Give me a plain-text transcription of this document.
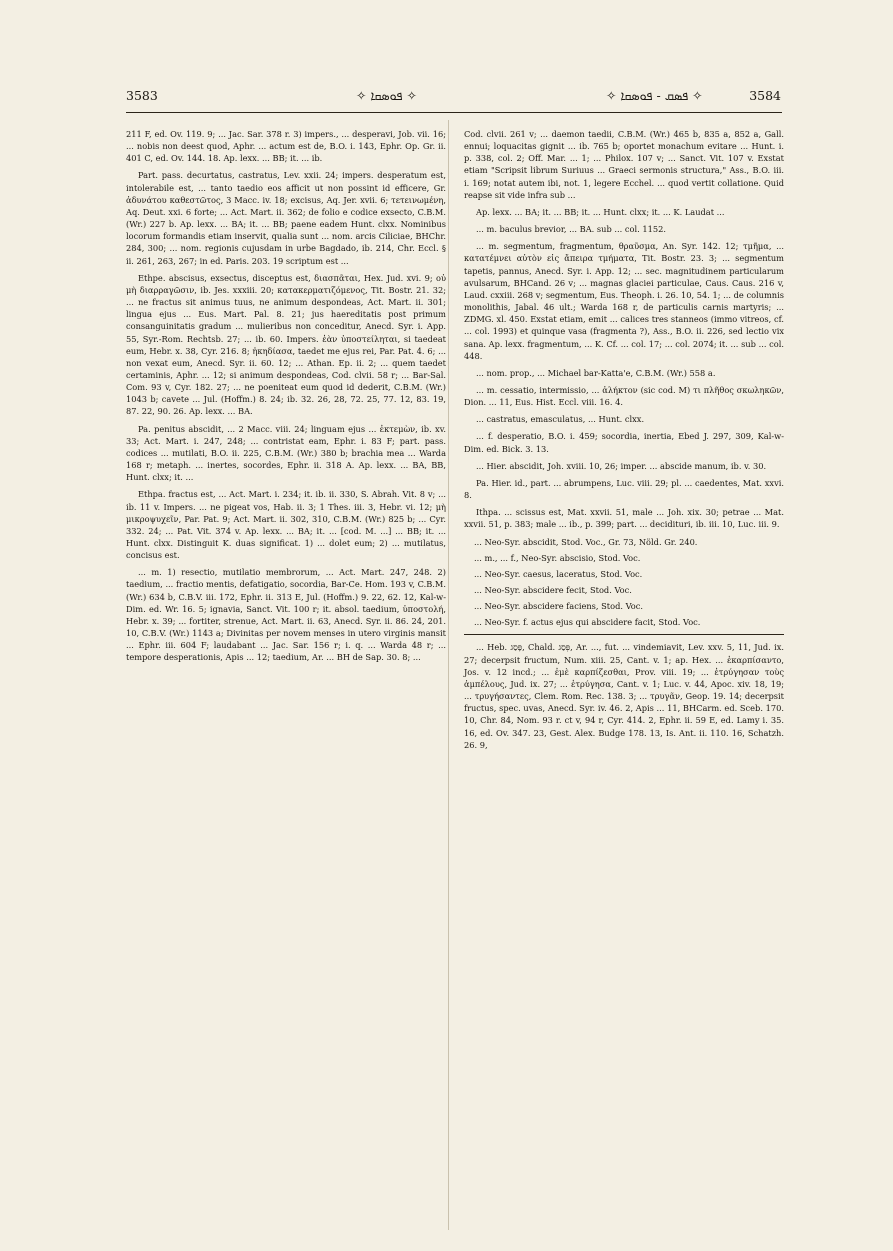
3583	✧ ܦܘܣܩܐ ✧	✧ ܦܣܩ - ܦܘܣܩܐ ✧	3584

211 F, ed. Ov. 119. 9; ... Jac. Sar. 378 r. 3) impers., ... desperavi, Job. vii. 16; ... nobis non deest quod, Aphr. ... actum est de, B.O. i. 143, Ephr. Op. Gr. ii. 401 C, ed. Ov. 144. 18. Ap. lexx. ... BB; it. ... ib.

Part. pass. decurtatus, castratus, Lev. xxii. 24; impers. desperatum est, intolerabile est, ... tanto taedio eos afficit ut non possint id efficere, Gr. ἀδυνάτου καθεστῶτος, 3 Macc. iv. 18; excisus, Aq. Jer. xvii. 6; τετεινωμένη, Aq. Deut. xxi. 6 forte; ... Act. Mart. ii. 362; de folio e codice exsecto, C.B.M. (Wr.) 227 b. Ap. lexx. ... BA; it. ... BB; paene eadem Hunt. clxx. Nominibus locorum formandis etiam inservit, qualia sunt ... nom. arcis Ciliciae, BHChr. 284, 300; ... nom. regionis cujusdam in urbe Bagdado, ib. 214, Chr. Eccl. § ii. 261, 263, 267; in ed. Paris. 203. 19 scriptum est ...

Ethpe. abscisus, exsectus, disceptus est, διασπᾶται, Hex. Jud. xvi. 9; οὐ μὴ διαρραγῶσιν, ib. Jes. xxxiii. 20; κατακερματιζόμενος, Tit. Bostr. 21. 32; ... ne fractus sit animus tuus, ne animum despondeas, Act. Mart. ii. 301; lingua ejus ... Eus. Mart. Pal. 8. 21; jus haereditatis post primum consanguinitatis gradum ... mulieribus non conceditur, Anecd. Syr. i. App. 55, Syr.-Rom. Rechtsb. 27; ... ib. 60. Impers. ἐὰν ὑποστείληται, si taedeat eum, Hebr. x. 38, Cyr. 216. 8; ἠκηδίασα, taedet me ejus rei, Par. Pat. 4. 6; ... non vexat eum, Anecd. Syr. ii. 60. 12; ... Athan. Ep. ii. 2; ... quem taedet certaminis, Aphr. ... 12; si animum despondeas, Cod. clvii. 58 r; ... Bar-Sal. Com. 93 v, Cyr. 182. 27; ... ne poeniteat eum quod id dederit, C.B.M. (Wr.) 1043 b; cavete ... Jul. (Hoffm.) 8. 24; ib. 32. 26, 28, 72. 25, 77. 12, 83. 19, 87. 22, 90. 26. Ap. lexx. ... BA.

Pa. penitus abscidit, ... 2 Macc. viii. 24; linguam ejus ... ἐκτεμὼν, ib. xv. 33; Act. Mart. i. 247, 248; ... contristat eam, Ephr. i. 83 F; part. pass. codices ... mutilati, B.O. ii. 225, C.B.M. (Wr.) 380 b; brachia mea ... Warda 168 r; metaph. ... inertes, socordes, Ephr. ii. 318 A. Ap. lexx. ... BA, BB, Hunt. clxx; it. ...

Ethpa. fractus est, ... Act. Mart. i. 234; it. ib. ii. 330, S. Abrah. Vit. 8 v; ... ib. 11 v. Impers. ... ne pigeat vos, Hab. ii. 3; 1 Thes. iii. 3, Hebr. vi. 12; μὴ μικροψυχεῖν, Par. Pat. 9; Act. Mart. ii. 302, 310, C.B.M. (Wr.) 825 b; ... Cyr. 332. 24; ... Pat. Vit. 374 v. Ap. lexx. ... BA; it. ... [cod. M. ...] ... BB; it. ... Hunt. clxx. Distinguit K. duas significat. 1) ... dolet eum; 2) ... mutilatus, concisus est.

... m. 1) resectio, mutilatio membrorum, ... Act. Mart. 247, 248. 2) taedium, ... fractio mentis, defatigatio, socordia, Bar-Ce. Hom. 193 v, C.B.M. (Wr.) 634 b, C.B.V. iii. 172, Ephr. ii. 313 E, Jul. (Hoffm.) 9. 22, 62. 12, Kal-w-Dim. ed. Wr. 16. 5; ignavia, Sanct. Vit. 100 r; it. absol. taedium, ὑποστολή, Hebr. x. 39; ... fortiter, strenue, Act. Mart. ii. 63, Anecd. Syr. ii. 86. 24, 201. 10, C.B.V. (Wr.) 1143 a; Divinitas per novem menses in utero virginis mansit ... Ephr. iii. 604 F; laudabant ... Jac. Sar. 156 r; i. q. ... Warda 48 r; ... tempore desperationis, Apis ... 12; taedium, Ar. ... BH de Sap. 30. 8; ...

Cod. clvii. 261 v; ... daemon taedii, C.B.M. (Wr.) 465 b, 835 a, 852 a, Gall. ennui; loquacitas gignit ... ib. 765 b; oportet monachum evitare ... Hunt. i. p. 338, col. 2; Off. Mar. ... 1; ... Philox. 107 v; ... Sanct. Vit. 107 v. Exstat etiam "Scripsit librum Suriuus ... Graeci sermonis structura," Ass., B.O. iii. i. 169; notat autem ibi, not. 1, legere Ecchel. ... quod vertit collatione. Quid reapse sit vide infra sub ...

Ap. lexx. ... BA; it. ... BB; it. ... Hunt. clxx; it. ... K. Laudat ...

... m. baculus brevior, ... BA. sub ... col. 1152.

... m. segmentum, fragmentum, θραῦσμα, An. Syr. 142. 12; τμῆμα, ... κατατέμνει αὐτὸν εἰς ἄπειρα τμήματα, Tit. Bostr. 23. 3; ... segmentum tapetis, pannus, Anecd. Syr. i. App. 12; ... sec. magnitudinem particularum avulsarum, BHCand. 26 v; ... magnas glaciei particulae, Caus. Caus. 216 v, Laud. cxxiii. 268 v; segmentum, Eus. Theoph. i. 26. 10, 54. 1; ... de columnis monolithis, Jabal. 46 ult.; Warda 168 r, de particulis carnis martyris; ... ZDMG. xl. 450. Exstat etiam, emit ... calices tres stanneos (immo vitreos, cf. ... col. 1993) et quinque vasa (fragmenta ?), Ass., B.O. ii. 226, sed lectio vix sana. Ap. lexx. fragmentum, ... K. Cf. ... col. 17; ... col. 2074; it. ... sub ... col. 448.

... nom. prop., ... Michael bar-Katta'e, C.B.M. (Wr.) 558 a.

... m. cessatio, intermissio, ... ἀλήκτον (sic cod. M) τι πλῆθος σκωληκῶν, Dion. ... 11, Eus. Hist. Eccl. viii. 16. 4.

... castratus, emasculatus, ... Hunt. clxx.

... f. desperatio, B.O. i. 459; socordia, inertia, Ebed J. 297, 309, Kal-w-Dim. ed. Bick. 3. 13.

... Hier. abscidit, Joh. xviii. 10, 26; imper. ... abscide manum, ib. v. 30.

Pa. Hier. id., part. ... abrumpens, Luc. viii. 29; pl. ... caedentes, Mat. xxvi. 8.

Ithpa. ... scissus est, Mat. xxvii. 51, male ... Joh. xix. 30; petrae ... Mat. xxvii. 51, p. 383; male ... ib., p. 399; part. ... decidituri, ib. iii. 10, Luc. iii. 9.

... Neo-Syr. abscidit, Stod. Voc., Gr. 73, Nöld. Gr. 240.

... m., ... f., Neo-Syr. abscisio, Stod. Voc.

... Neo-Syr. caesus, laceratus, Stod. Voc.

... Neo-Syr. abscidere fecit, Stod. Voc.

... Neo-Syr. abscidere faciens, Stod. Voc.

... Neo-Syr. f. actus ejus qui abscidere facit, Stod. Voc.

... Heb. פָּסַג, Chald. פְּסַג, Ar. ..., fut. ... vindemiavit, Lev. xxv. 5, 11, Jud. ix. 27; decerpsit fructum, Num. xiii. 25, Cant. v. 1; ap. Hex. ... ἐκαρπίσαντο, Jos. v. 12 incd.; ... ἐμὲ καρπίζεσθαι, Prov. viii. 19; ... ἐτρύγησαν τοὺς ἀμπέλους, Jud. ix. 27; ... ἐτρύγησα, Cant. v. 1; Luc. v. 44, Apoc. xiv. 18, 19; ... τρυγήσαντες, Clem. Rom. Rec. 138. 3; ... τρυγᾶν, Geop. 19. 14; decerpsit fructus, spec. uvas, Anecd. Syr. iv. 46. 2, Apis ... 11, BHCarm. ed. Sceb. 170. 10, Chr. 84, Nom. 93 r. ct v, 94 r, Cyr. 414. 2, Ephr. ii. 59 E, ed. Lamy i. 35. 16, ed. Ov. 347. 23, Gest. Alex. Budge 178. 13, Is. Ant. ii. 110. 16, Schatzh. 26. 9,
